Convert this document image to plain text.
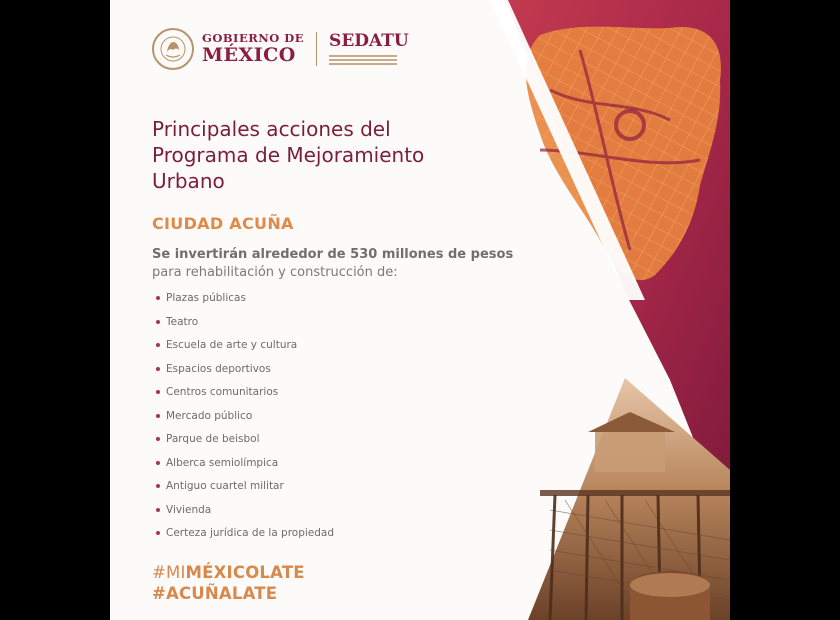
GOBIERNO DE
MÉXICO
SEDATU
Principales acciones del Programa de Mejoramiento Urbano
CIUDAD ACUÑA
Se invertirán alrededor de 530 millones de pesos
para rehabilitación y construcción de:
Plazas públicas
Teatro
Escuela de arte y cultura
Espacios deportivos
Centros comunitarios
Mercado público
Parque de beisbol
Alberca semiolímpica
Antiguo cuartel militar
Vivienda
Certeza jurídica de la propiedad
#MIMÉXICOLATE
#ACUÑALATE
